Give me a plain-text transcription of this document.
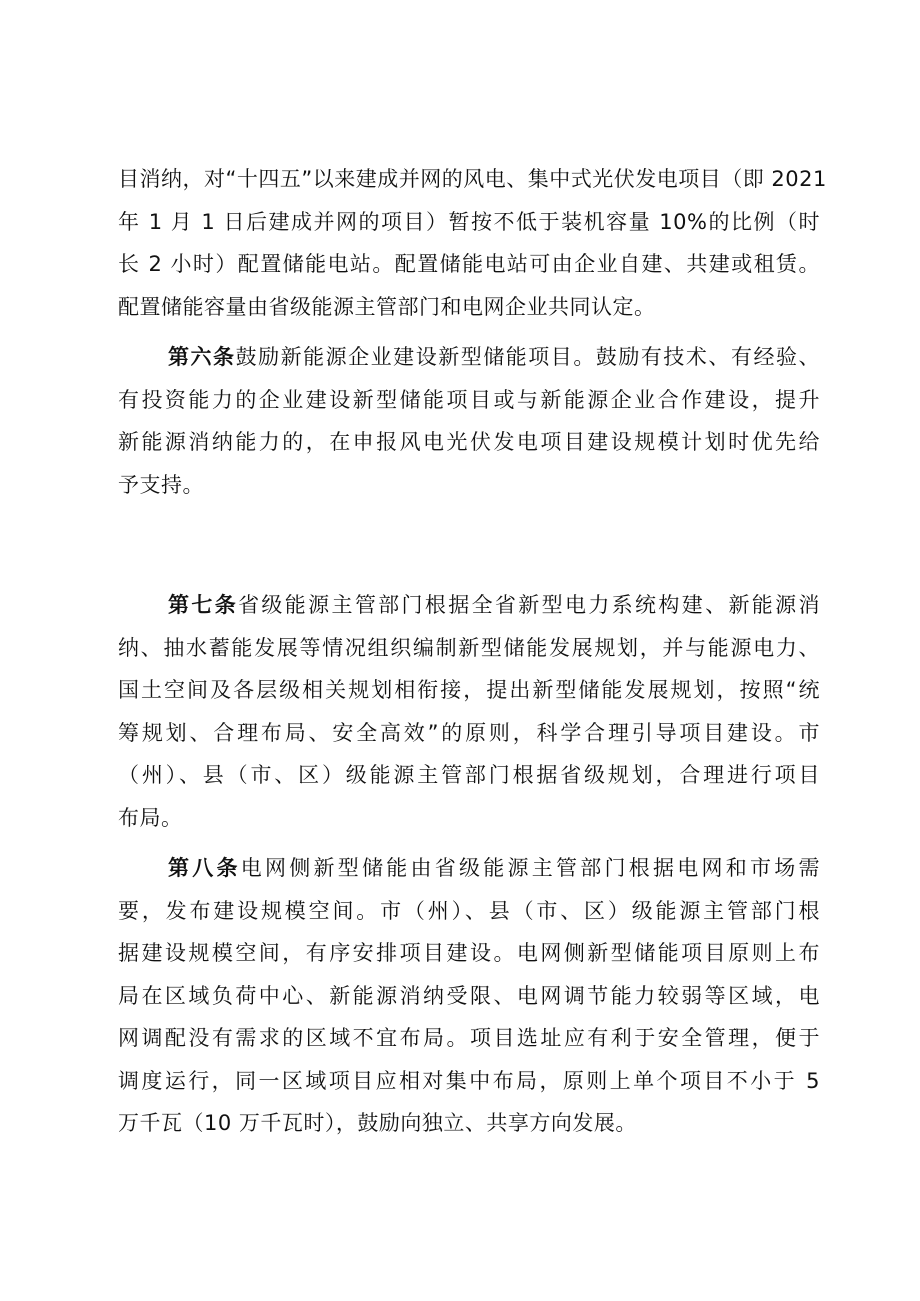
目消纳，对“十四五”以来建成并网的风电、集中式光伏发电项目（即 2021
年 1 月 1 日后建成并网的项目）暂按不低于装机容量 10%的比例（时
长 2 小时）配置储能电站。配置储能电站可由企业自建、共建或租赁。
配置储能容量由省级能源主管部门和电网企业共同认定。
第六条鼓励新能源企业建设新型储能项目。鼓励有技术、有经验、
有投资能力的企业建设新型储能项目或与新能源企业合作建设，提升
新能源消纳能力的，在申报风电光伏发电项目建设规模计划时优先给
予支持。
第七条省级能源主管部门根据全省新型电力系统构建、新能源消
纳、抽水蓄能发展等情况组织编制新型储能发展规划，并与能源电力、
国土空间及各层级相关规划相衔接，提出新型储能发展规划，按照“统
筹规划、合理布局、安全高效”的原则，科学合理引导项目建设。市
（州）、县（市、区）级能源主管部门根据省级规划，合理进行项目
布局。
第八条电网侧新型储能由省级能源主管部门根据电网和市场需
要，发布建设规模空间。市（州）、县（市、区）级能源主管部门根
据建设规模空间，有序安排项目建设。电网侧新型储能项目原则上布
局在区域负荷中心、新能源消纳受限、电网调节能力较弱等区域，电
网调配没有需求的区域不宜布局。项目选址应有利于安全管理，便于
调度运行，同一区域项目应相对集中布局，原则上单个项目不小于 5
万千瓦（10 万千瓦时），鼓励向独立、共享方向发展。
